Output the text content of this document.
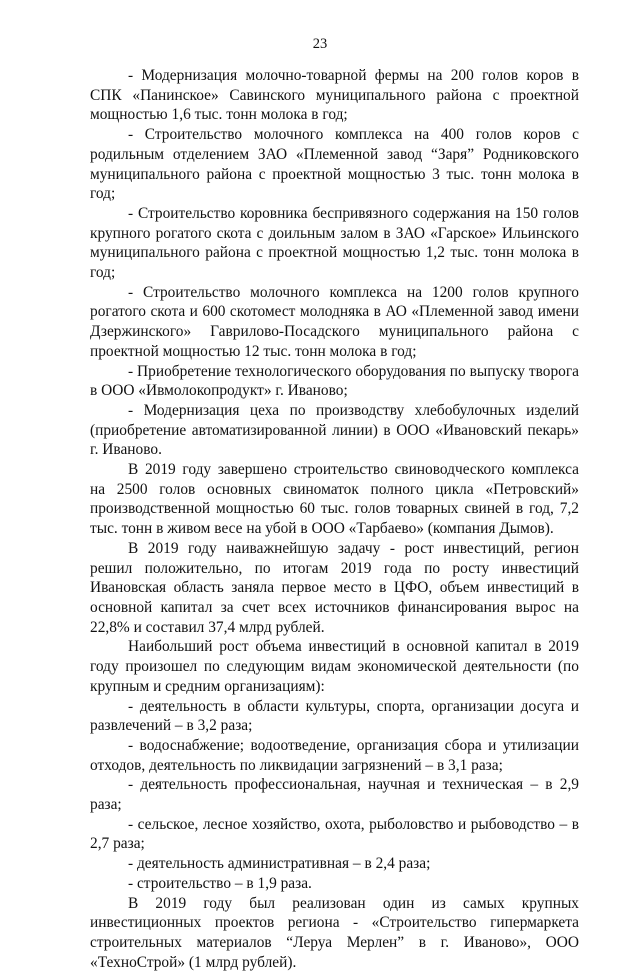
23

- Модернизация молочно-товарной фермы на 200 голов коров в СПК «Панинское» Савинского муниципального района с проектной мощностью 1,6 тыс. тонн молока в год;

- Строительство молочного комплекса на 400 голов коров с родильным отделением ЗАО «Племенной завод “Заря” Родниковского муниципального района с проектной мощностью 3 тыс. тонн молока в год;

- Строительство коровника беспривязного содержания на 150 голов крупного рогатого скота с доильным залом в ЗАО «Гарское» Ильинского муниципального района с проектной мощностью 1,2 тыс. тонн молока в год;

- Строительство молочного комплекса на 1200 голов крупного рогатого скота и 600 скотомест молодняка в АО «Племенной завод имени Дзержинского» Гаврилово-Посадского муниципального района с проектной мощностью 12 тыс. тонн молока в год;

- Приобретение технологического оборудования по выпуску творога в ООО «Ивмолокопродукт» г. Иваново;

- Модернизация цеха по производству хлебобулочных изделий (приобретение автоматизированной линии) в ООО «Ивановский пекарь» г. Иваново.

В 2019 году завершено строительство свиноводческого комплекса на 2500 голов основных свиноматок полного цикла «Петровский» производственной мощностью 60 тыс. голов товарных свиней в год, 7,2 тыс. тонн в живом весе на убой в ООО «Тарбаево» (компания Дымов).

В 2019 году наиважнейшую задачу - рост инвестиций, регион решил положительно, по итогам 2019 года по росту инвестиций Ивановская область заняла первое место в ЦФО, объем инвестиций в основной капитал за счет всех источников финансирования вырос на 22,8% и составил 37,4 млрд рублей.

Наибольший рост объема инвестиций в основной капитал в 2019 году произошел по следующим видам экономической деятельности (по крупным и средним организациям):

- деятельность в области культуры, спорта, организации досуга и развлечений – в 3,2 раза;

- водоснабжение; водоотведение, организация сбора и утилизации отходов, деятельность по ликвидации загрязнений – в 3,1 раза;

- деятельность профессиональная, научная и техническая – в 2,9 раза;

- сельское, лесное хозяйство, охота, рыболовство и рыбоводство – в 2,7 раза;

- деятельность административная – в 2,4 раза;

- строительство – в 1,9 раза.

В 2019 году был реализован один из самых крупных инвестиционных проектов региона - «Строительство гипермаркета строительных материалов “Леруа Мерлен” в г. Иваново», ООО «ТехноСтрой» (1 млрд рублей).
